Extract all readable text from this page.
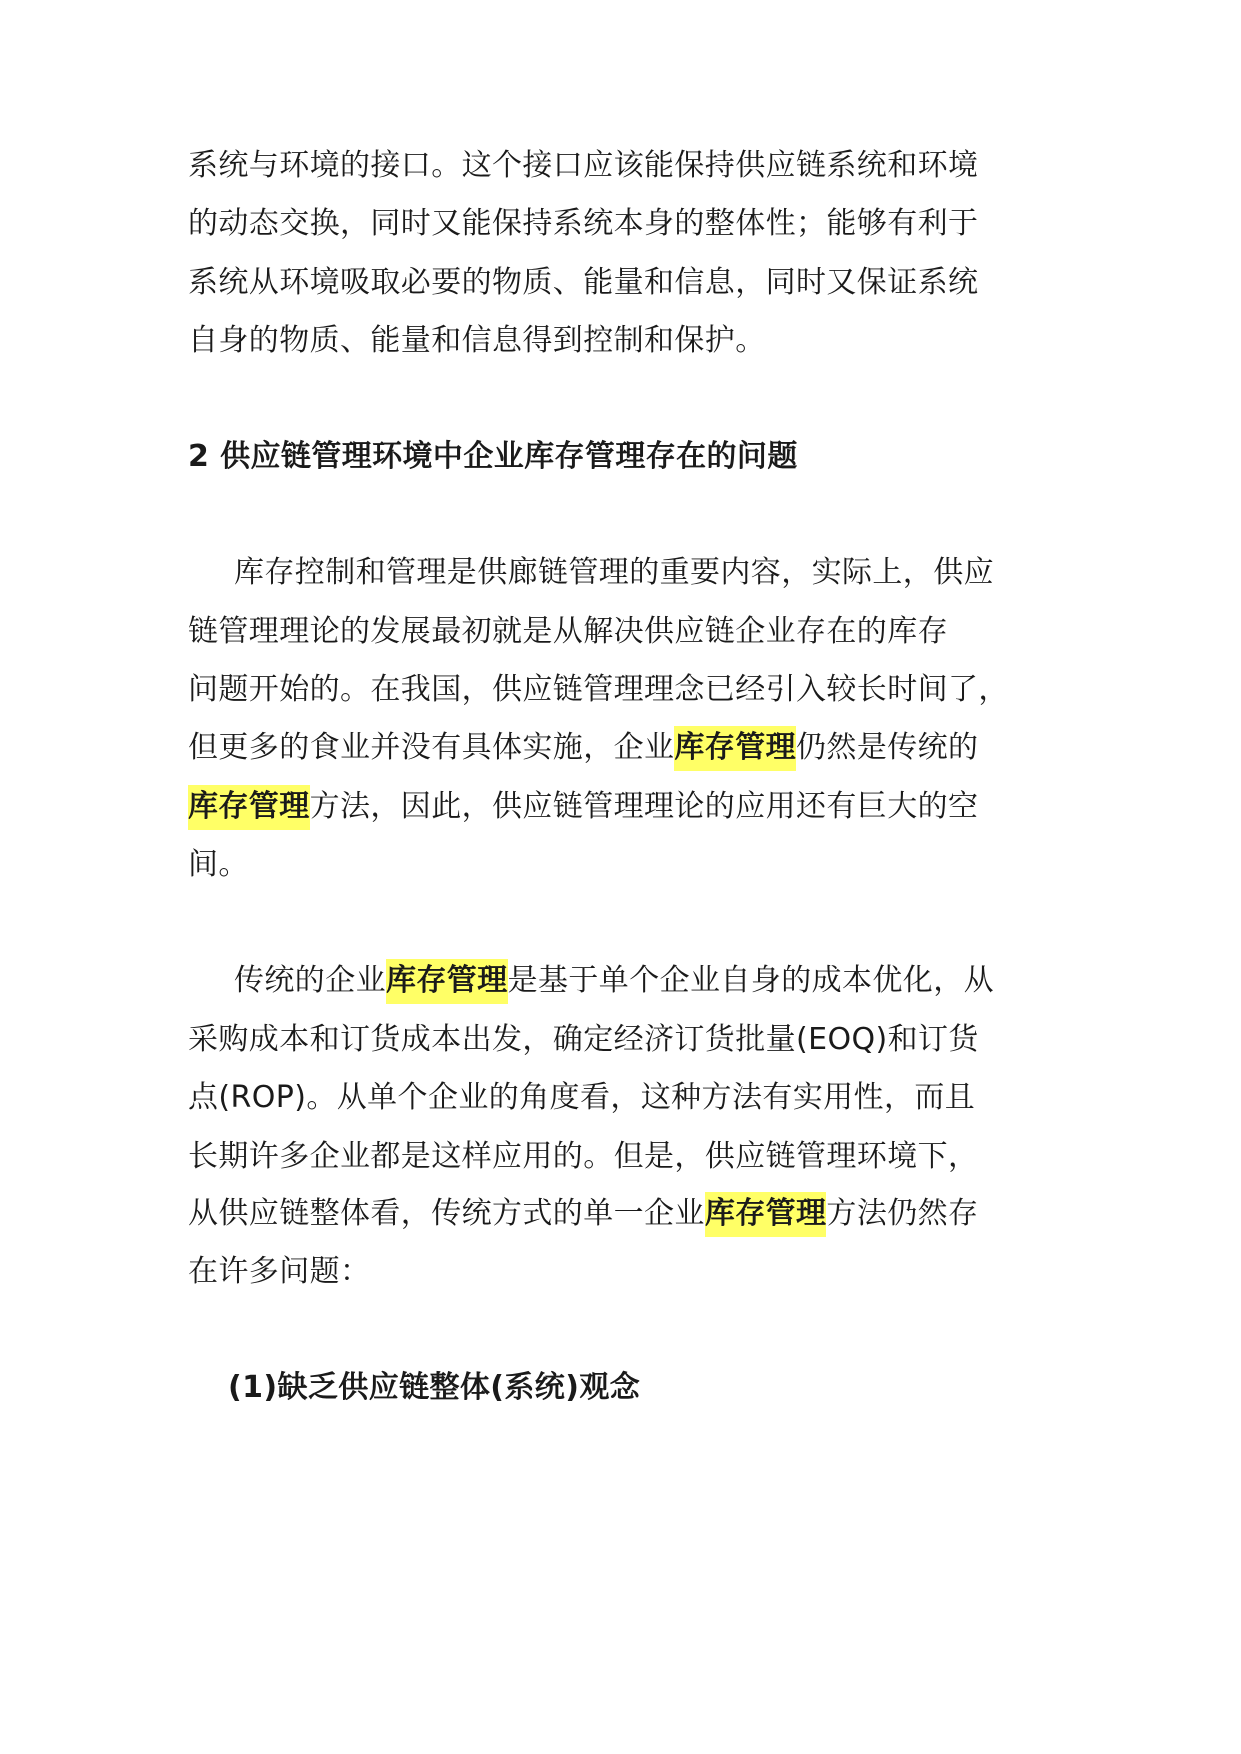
系统与环境的接口。这个接口应该能保持供应链系统和环境
的动态交换，同时又能保持系统本身的整体性；能够有利于
系统从环境吸取必要的物质、能量和信息，同时又保证系统
自身的物质、能量和信息得到控制和保护。
2 供应链管理环境中企业库存管理存在的问题
库存控制和管理是供廊链管理的重要内容，实际上，供应
链管理理论的发展最初就是从解决供应链企业存在的库存
问题开始的。在我国，供应链管理理念已经引入较长时间了，
但更多的食业并没有具体实施，企业库存管理仍然是传统的
库存管理方法，因此，供应链管理理论的应用还有巨大的空
间。
传统的企业库存管理是基于单个企业自身的成本优化，从
采购成本和订货成本出发，确定经济订货批量(EOQ)和订货
点(ROP)。从单个企业的角度看，这种方法有实用性，而且
长期许多企业都是这样应用的。但是，供应链管理环境下，
从供应链整体看，传统方式的单一企业库存管理方法仍然存
在许多问题：
(1)缺乏供应链整体(系统)观念
